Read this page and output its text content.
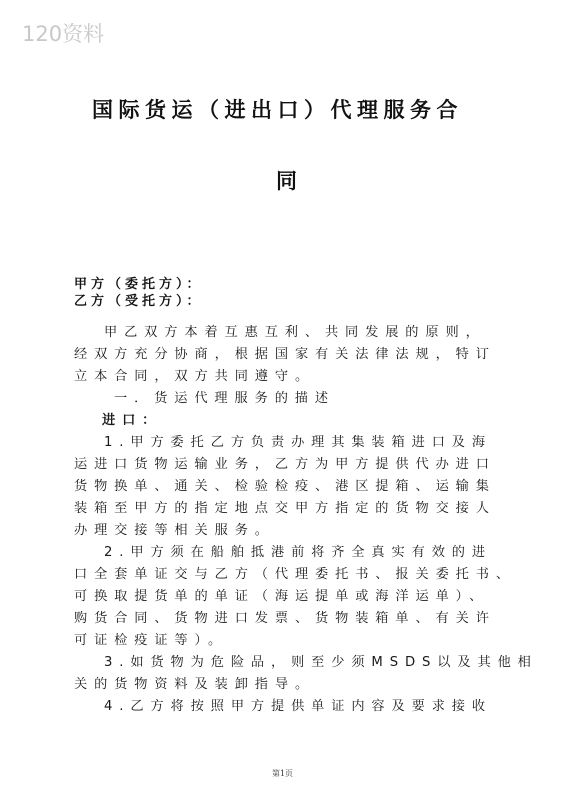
120资料
国际货运（进出口）代理服务合
同
甲方（委托方）：
乙方（受托方）：
甲乙双方本着互惠互利、共同发展的原则，
经双方充分协商，根据国家有关法律法规，特订
立本合同，双方共同遵守。
一．货运代理服务的描述
进口：
1.甲方委托乙方负责办理其集装箱进口及海
运进口货物运输业务，乙方为甲方提供代办进口
货物换单、通关、检验检疫、港区提箱、运输集
装箱至甲方的指定地点交甲方指定的货物交接人
办理交接等相关服务。
2.甲方须在船舶抵港前将齐全真实有效的进
口全套单证交与乙方（代理委托书、报关委托书、
可换取提货单的单证（海运提单或海洋运单）、
购货合同、货物进口发票、货物装箱单、有关许
可证检疫证等）。
3.如货物为危险品，则至少须MSDS以及其他相
关的货物资料及装卸指导。
4.乙方将按照甲方提供单证内容及要求接收
第1页
